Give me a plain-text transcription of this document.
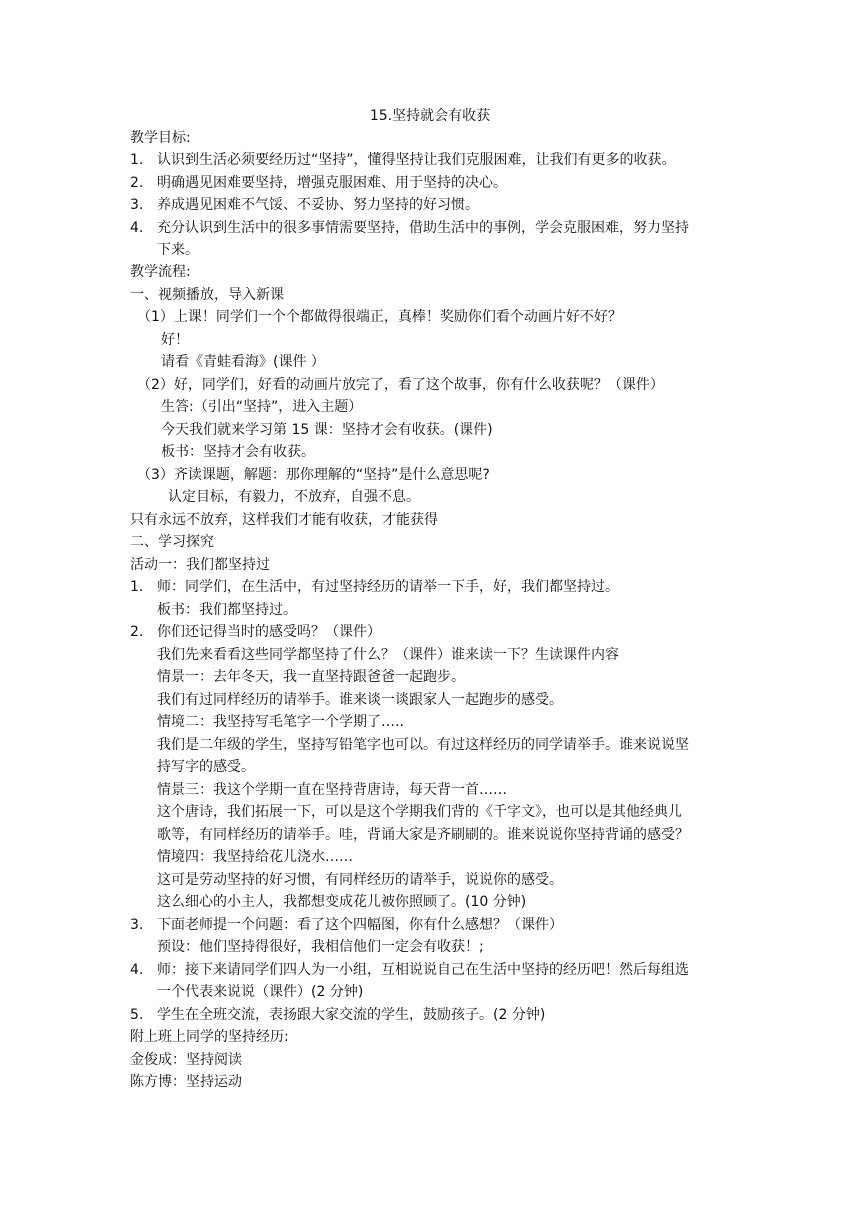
15.坚持就会有收获
教学目标:
1. 认识到生活必须要经历过“坚持”，懂得坚持让我们克服困难，让我们有更多的收获。
2. 明确遇见困难要坚持，增强克服困难、用于坚持的决心。
3. 养成遇见困难不气馁、不妥协、努力坚持的好习惯。
4. 充分认识到生活中的很多事情需要坚持，借助生活中的事例，学会克服困难，努力坚持
下来。
教学流程:
一、视频播放，导入新课
（1）上课！同学们一个个都做得很端正，真棒！奖励你们看个动画片好不好？
好！
请看《青蛙看海》(课件 ）
（2）好，同学们，好看的动画片放完了，看了这个故事，你有什么收获呢？（课件）
生答:（引出“坚持”，进入主题）
今天我们就来学习第 15 课：坚持才会有收获。(课件)
板书：坚持才会有收获。
（3）齐读课题，解题：那你理解的“坚持”是什么意思呢?
认定目标，有毅力，不放弃，自强不息。
只有永远不放弃，这样我们才能有收获，才能获得
二、学习探究
活动一：我们都坚持过
1. 师：同学们，在生活中，有过坚持经历的请举一下手，好，我们都坚持过。
板书：我们都坚持过。
2. 你们还记得当时的感受吗？（课件）
我们先来看看这些同学都坚持了什么？（课件）谁来读一下？生读课件内容
情景一：去年冬天，我一直坚持跟爸爸一起跑步。
我们有过同样经历的请举手。谁来谈一谈跟家人一起跑步的感受。
情境二：我坚持写毛笔字一个学期了…..
我们是二年级的学生，坚持写铅笔字也可以。有过这样经历的同学请举手。谁来说说坚
持写字的感受。
情景三：我这个学期一直在坚持背唐诗，每天背一首……
这个唐诗，我们拓展一下，可以是这个学期我们背的《千字文》，也可以是其他经典儿
歌等，有同样经历的请举手。哇，背诵大家是齐刷刷的。谁来说说你坚持背诵的感受？
情境四：我坚持给花儿浇水……
这可是劳动坚持的好习惯，有同样经历的请举手，说说你的感受。
这么细心的小主人，我都想变成花儿被你照顾了。(10 分钟)
3. 下面老师提一个问题：看了这个四幅图，你有什么感想？（课件）
预设：他们坚持得很好，我相信他们一定会有收获！;
4. 师：接下来请同学们四人为一小组，互相说说自己在生活中坚持的经历吧！然后每组选
一个代表来说说（课件）(2 分钟)
5. 学生在全班交流，表扬跟大家交流的学生，鼓励孩子。(2 分钟)
附上班上同学的坚持经历:
金俊成：坚持阅读
陈方博：坚持运动
